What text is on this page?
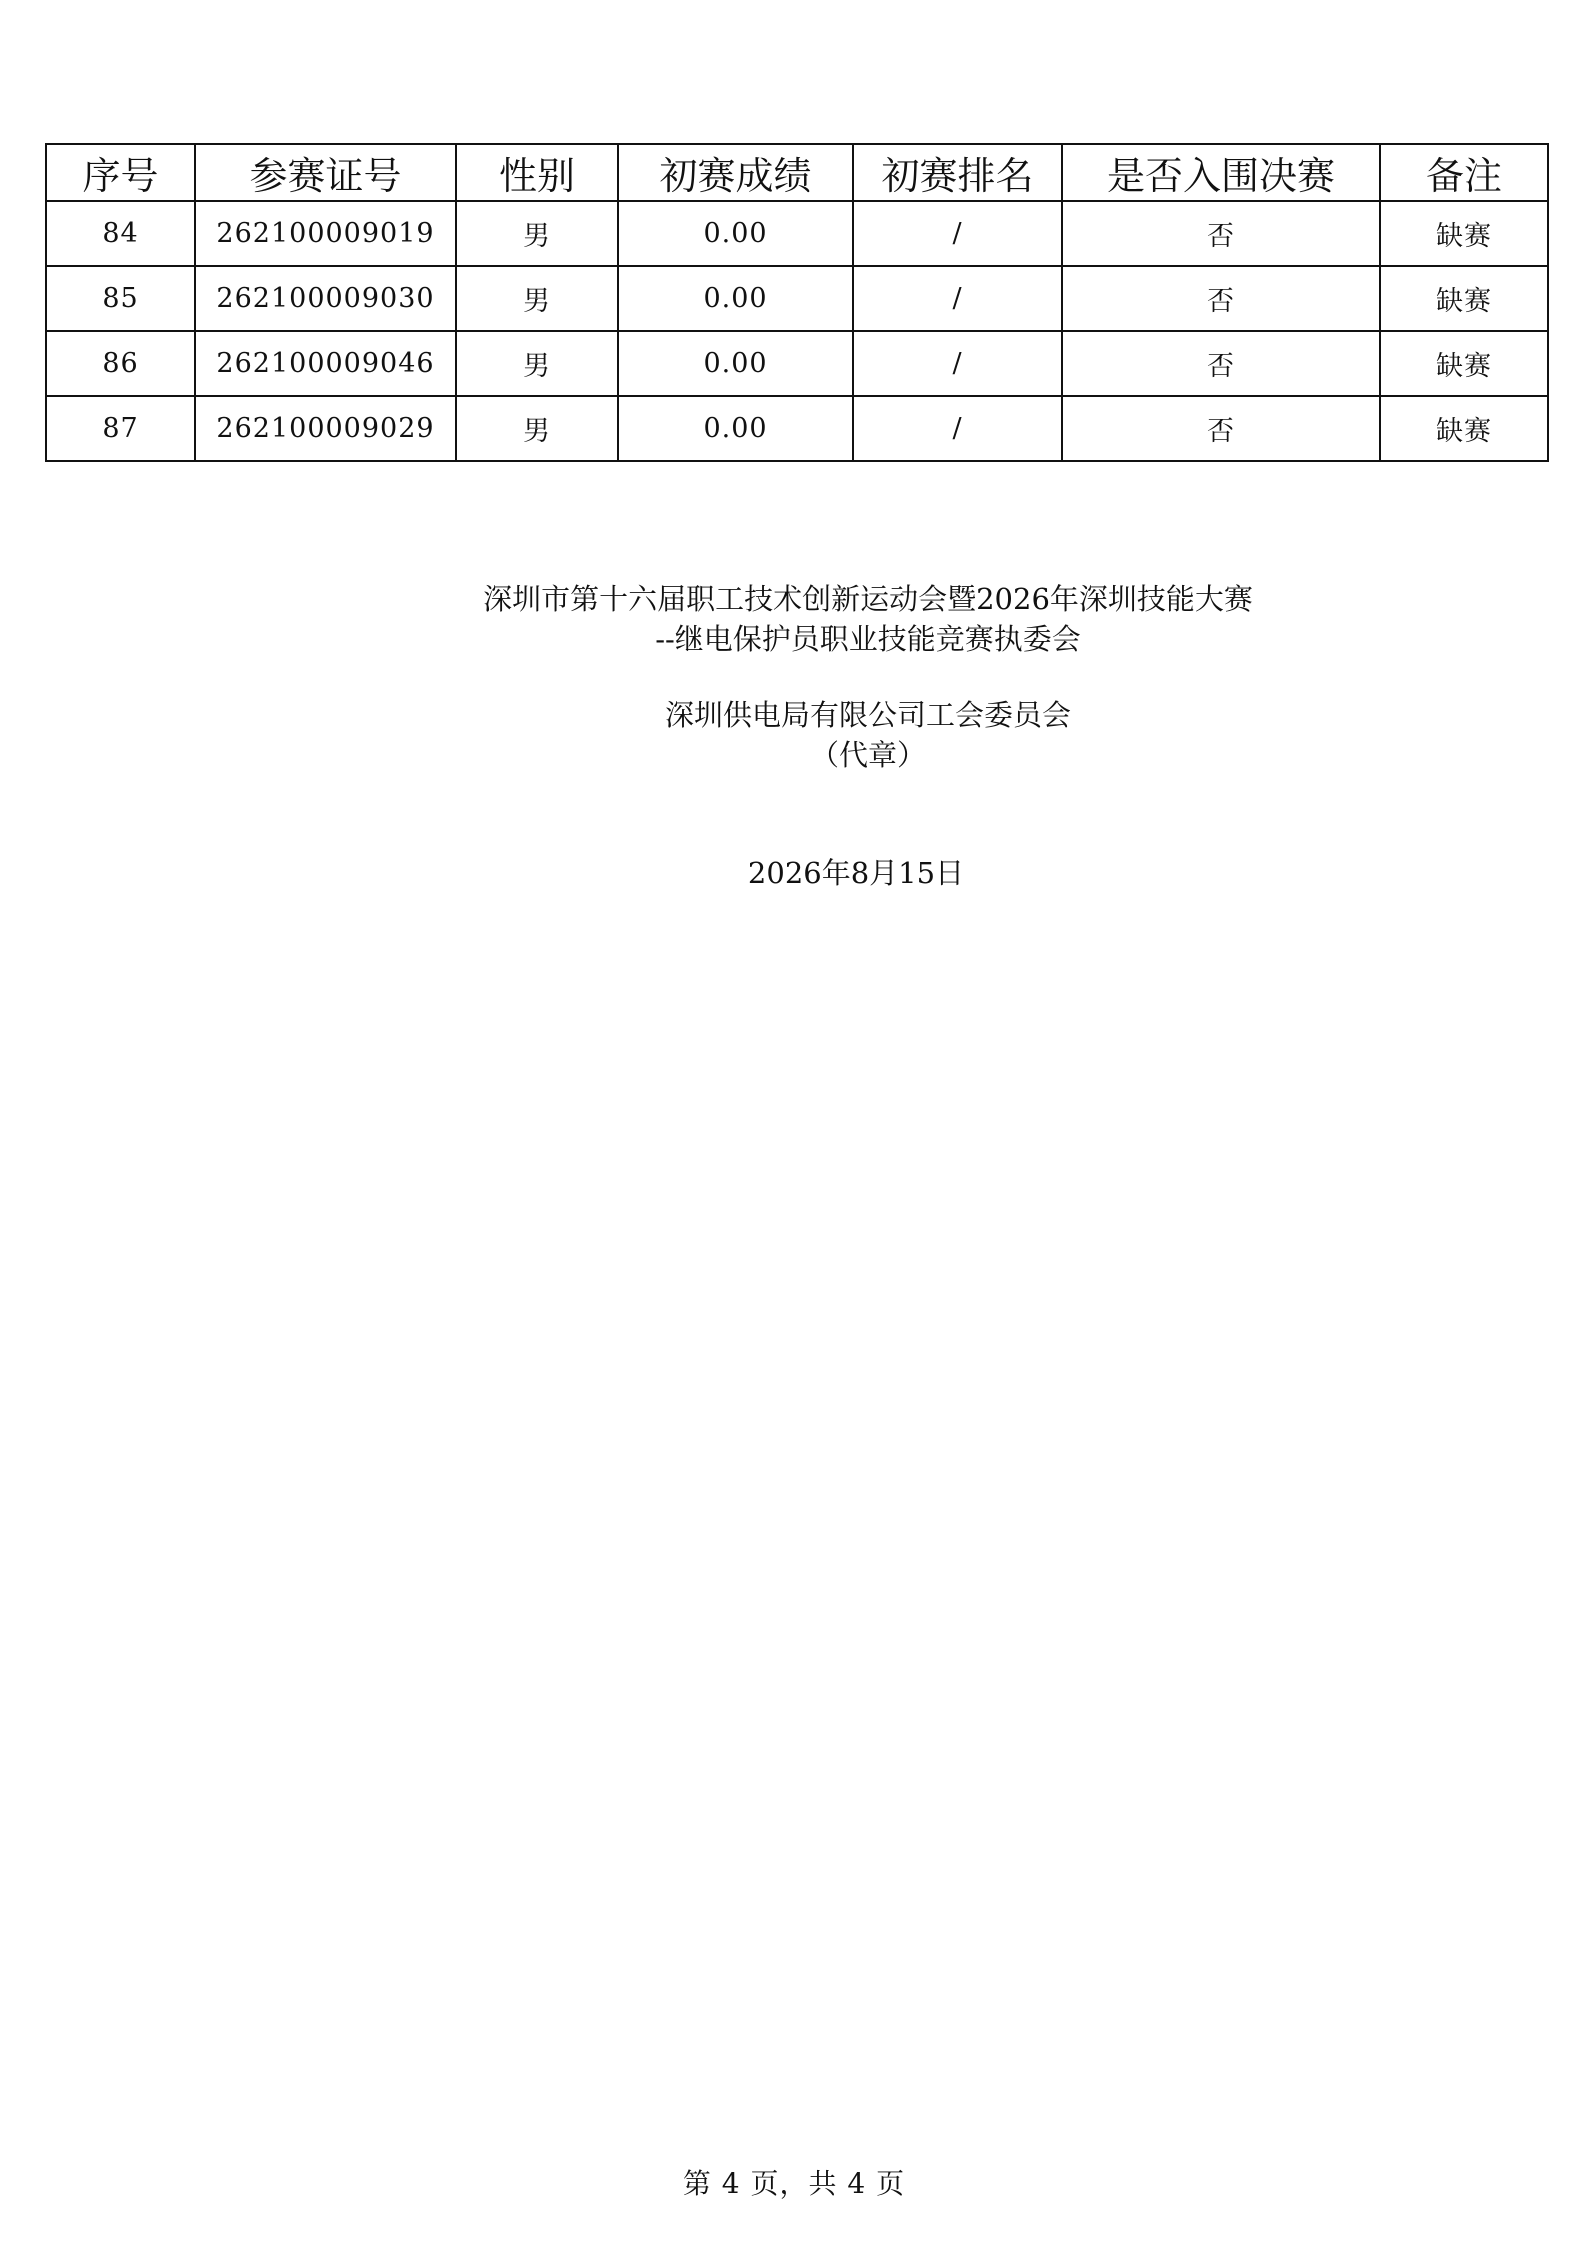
序号	参赛证号	性别	初赛成绩	初赛排名	是否入围决赛	备注
84	262100009019	男	0.00	/	否	缺赛
85	262100009030	男	0.00	/	否	缺赛
86	262100009046	男	0.00	/	否	缺赛
87	262100009029	男	0.00	/	否	缺赛
深圳市第十六届职工技术创新运动会暨2026年深圳技能大赛
--继电保护员职业技能竞赛执委会
深圳供电局有限公司工会委员会
（代章）
2026年8月15日
第 4 页，共 4 页
